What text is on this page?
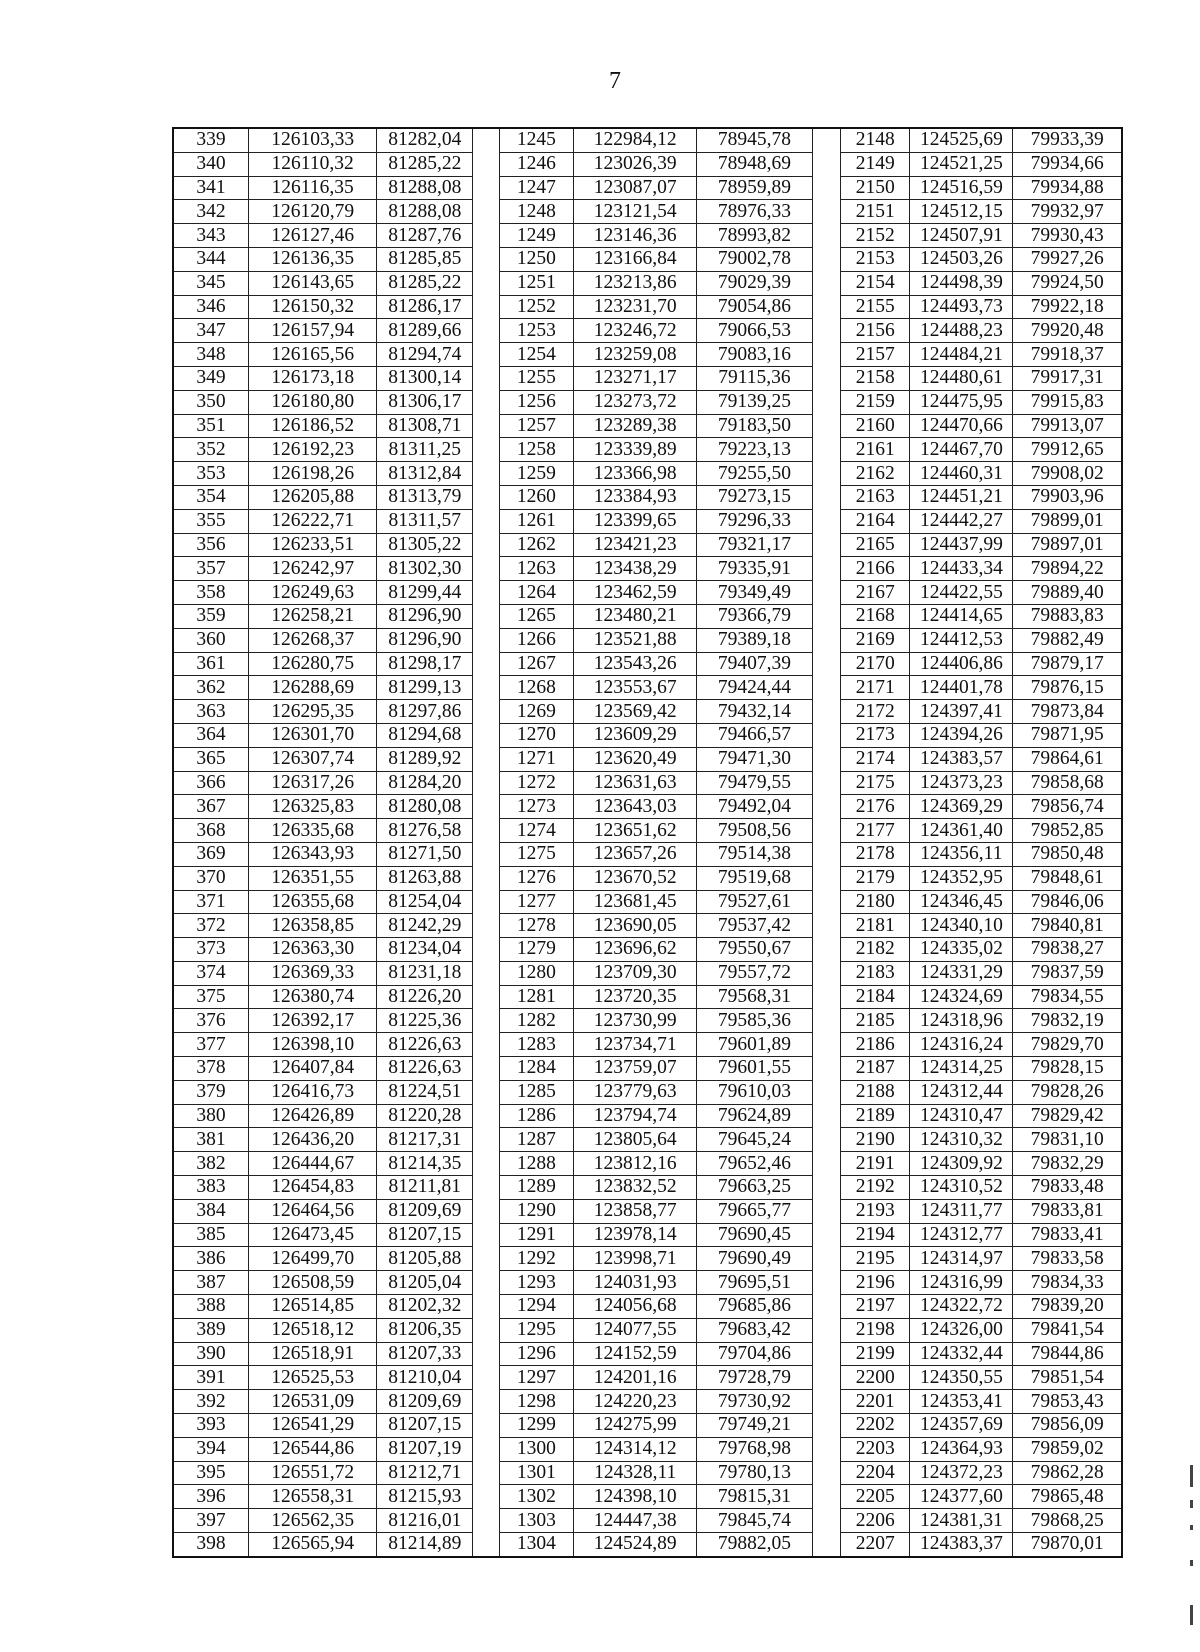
7
339	126103,33	81282,04		1245	122984,12	78945,78		2148	124525,69	79933,39
340	126110,32	81285,22		1246	123026,39	78948,69		2149	124521,25	79934,66
341	126116,35	81288,08		1247	123087,07	78959,89		2150	124516,59	79934,88
342	126120,79	81288,08		1248	123121,54	78976,33		2151	124512,15	79932,97
343	126127,46	81287,76		1249	123146,36	78993,82		2152	124507,91	79930,43
344	126136,35	81285,85		1250	123166,84	79002,78		2153	124503,26	79927,26
345	126143,65	81285,22		1251	123213,86	79029,39		2154	124498,39	79924,50
346	126150,32	81286,17		1252	123231,70	79054,86		2155	124493,73	79922,18
347	126157,94	81289,66		1253	123246,72	79066,53		2156	124488,23	79920,48
348	126165,56	81294,74		1254	123259,08	79083,16		2157	124484,21	79918,37
349	126173,18	81300,14		1255	123271,17	79115,36		2158	124480,61	79917,31
350	126180,80	81306,17		1256	123273,72	79139,25		2159	124475,95	79915,83
351	126186,52	81308,71		1257	123289,38	79183,50		2160	124470,66	79913,07
352	126192,23	81311,25		1258	123339,89	79223,13		2161	124467,70	79912,65
353	126198,26	81312,84		1259	123366,98	79255,50		2162	124460,31	79908,02
354	126205,88	81313,79		1260	123384,93	79273,15		2163	124451,21	79903,96
355	126222,71	81311,57		1261	123399,65	79296,33		2164	124442,27	79899,01
356	126233,51	81305,22		1262	123421,23	79321,17		2165	124437,99	79897,01
357	126242,97	81302,30		1263	123438,29	79335,91		2166	124433,34	79894,22
358	126249,63	81299,44		1264	123462,59	79349,49		2167	124422,55	79889,40
359	126258,21	81296,90		1265	123480,21	79366,79		2168	124414,65	79883,83
360	126268,37	81296,90		1266	123521,88	79389,18		2169	124412,53	79882,49
361	126280,75	81298,17		1267	123543,26	79407,39		2170	124406,86	79879,17
362	126288,69	81299,13		1268	123553,67	79424,44		2171	124401,78	79876,15
363	126295,35	81297,86		1269	123569,42	79432,14		2172	124397,41	79873,84
364	126301,70	81294,68		1270	123609,29	79466,57		2173	124394,26	79871,95
365	126307,74	81289,92		1271	123620,49	79471,30		2174	124383,57	79864,61
366	126317,26	81284,20		1272	123631,63	79479,55		2175	124373,23	79858,68
367	126325,83	81280,08		1273	123643,03	79492,04		2176	124369,29	79856,74
368	126335,68	81276,58		1274	123651,62	79508,56		2177	124361,40	79852,85
369	126343,93	81271,50		1275	123657,26	79514,38		2178	124356,11	79850,48
370	126351,55	81263,88		1276	123670,52	79519,68		2179	124352,95	79848,61
371	126355,68	81254,04		1277	123681,45	79527,61		2180	124346,45	79846,06
372	126358,85	81242,29		1278	123690,05	79537,42		2181	124340,10	79840,81
373	126363,30	81234,04		1279	123696,62	79550,67		2182	124335,02	79838,27
374	126369,33	81231,18		1280	123709,30	79557,72		2183	124331,29	79837,59
375	126380,74	81226,20		1281	123720,35	79568,31		2184	124324,69	79834,55
376	126392,17	81225,36		1282	123730,99	79585,36		2185	124318,96	79832,19
377	126398,10	81226,63		1283	123734,71	79601,89		2186	124316,24	79829,70
378	126407,84	81226,63		1284	123759,07	79601,55		2187	124314,25	79828,15
379	126416,73	81224,51		1285	123779,63	79610,03		2188	124312,44	79828,26
380	126426,89	81220,28		1286	123794,74	79624,89		2189	124310,47	79829,42
381	126436,20	81217,31		1287	123805,64	79645,24		2190	124310,32	79831,10
382	126444,67	81214,35		1288	123812,16	79652,46		2191	124309,92	79832,29
383	126454,83	81211,81		1289	123832,52	79663,25		2192	124310,52	79833,48
384	126464,56	81209,69		1290	123858,77	79665,77		2193	124311,77	79833,81
385	126473,45	81207,15		1291	123978,14	79690,45		2194	124312,77	79833,41
386	126499,70	81205,88		1292	123998,71	79690,49		2195	124314,97	79833,58
387	126508,59	81205,04		1293	124031,93	79695,51		2196	124316,99	79834,33
388	126514,85	81202,32		1294	124056,68	79685,86		2197	124322,72	79839,20
389	126518,12	81206,35		1295	124077,55	79683,42		2198	124326,00	79841,54
390	126518,91	81207,33		1296	124152,59	79704,86		2199	124332,44	79844,86
391	126525,53	81210,04		1297	124201,16	79728,79		2200	124350,55	79851,54
392	126531,09	81209,69		1298	124220,23	79730,92		2201	124353,41	79853,43
393	126541,29	81207,15		1299	124275,99	79749,21		2202	124357,69	79856,09
394	126544,86	81207,19		1300	124314,12	79768,98		2203	124364,93	79859,02
395	126551,72	81212,71		1301	124328,11	79780,13		2204	124372,23	79862,28
396	126558,31	81215,93		1302	124398,10	79815,31		2205	124377,60	79865,48
397	126562,35	81216,01		1303	124447,38	79845,74		2206	124381,31	79868,25
398	126565,94	81214,89		1304	124524,89	79882,05		2207	124383,37	79870,01
